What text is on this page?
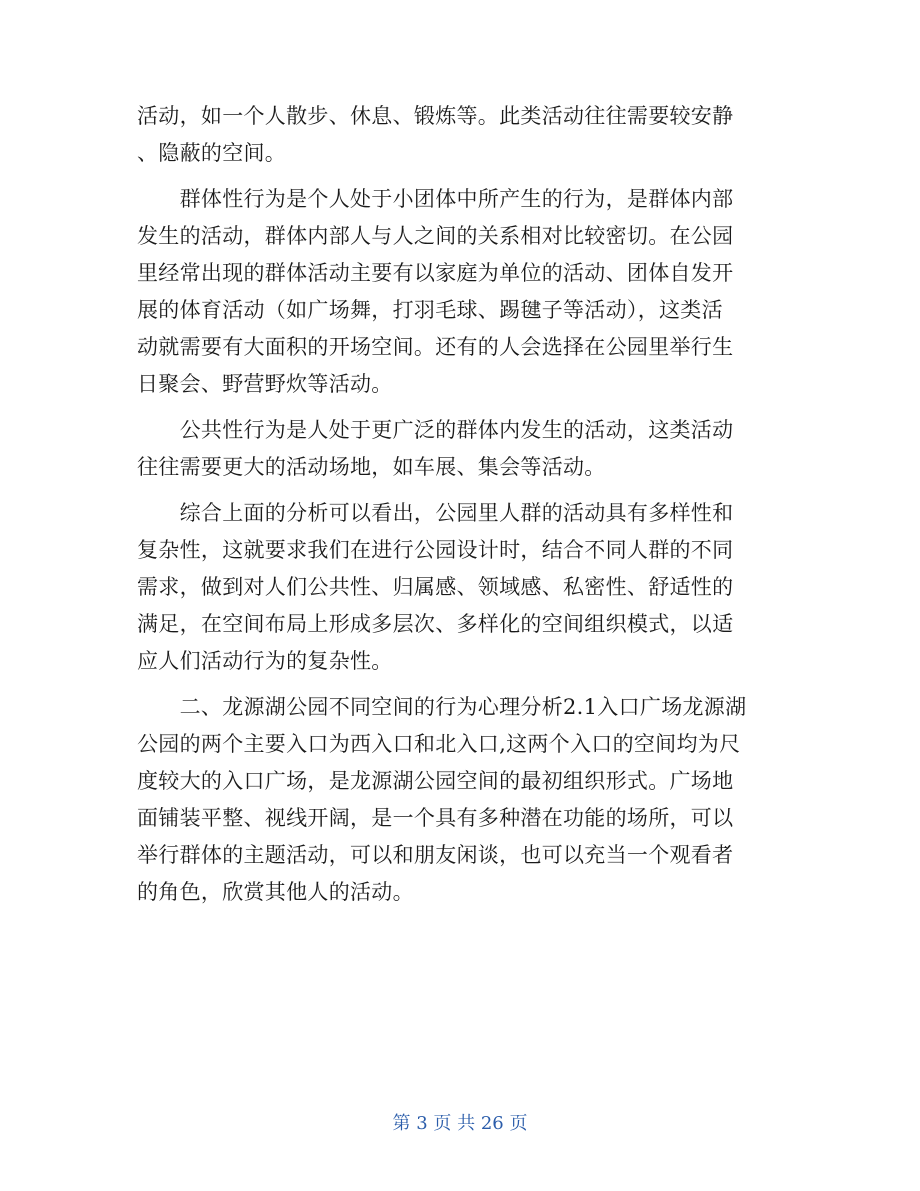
活动，如一个人散步、休息、锻炼等。此类活动往往需要较安静
、隐蔽的空间。
　　群体性行为是个人处于小团体中所产生的行为，是群体内部
发生的活动，群体内部人与人之间的关系相对比较密切。在公园
里经常出现的群体活动主要有以家庭为单位的活动、团体自发开
展的体育活动（如广场舞，打羽毛球、踢毽子等活动），这类活
动就需要有大面积的开场空间。还有的人会选择在公园里举行生
日聚会、野营野炊等活动。
　　公共性行为是人处于更广泛的群体内发生的活动，这类活动
往往需要更大的活动场地，如车展、集会等活动。
　　综合上面的分析可以看出，公园里人群的活动具有多样性和
复杂性，这就要求我们在进行公园设计时，结合不同人群的不同
需求，做到对人们公共性、归属感、领域感、私密性、舒适性的
满足，在空间布局上形成多层次、多样化的空间组织模式，以适
应人们活动行为的复杂性。
　　二、龙源湖公园不同空间的行为心理分析2.1入口广场龙源湖
公园的两个主要入口为西入口和北入口,这两个入口的空间均为尺
度较大的入口广场，是龙源湖公园空间的最初组织形式。广场地
面铺装平整、视线开阔，是一个具有多种潜在功能的场所，可以
举行群体的主题活动，可以和朋友闲谈，也可以充当一个观看者
的角色，欣赏其他人的活动。
第 3 页 共 26 页
